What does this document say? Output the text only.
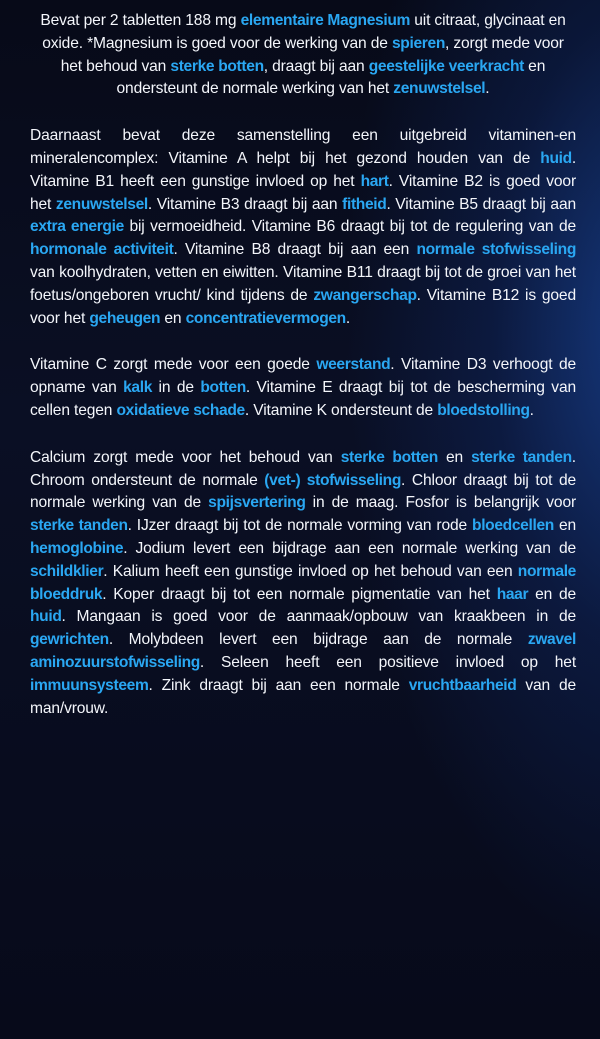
Bevat per 2 tabletten 188 mg elementaire Magnesium uit citraat, glycinaat en oxide. *Magnesium is goed voor de werking van de spieren, zorgt mede voor het behoud van sterke botten, draagt bij aan geestelijke veerkracht en ondersteunt de normale werking van het zenuwstelsel.

Daarnaast bevat deze samenstelling een uitgebreid vitaminen-en mineralencomplex: Vitamine A helpt bij het gezond houden van de huid. Vitamine B1 heeft een gunstige invloed op het hart. Vitamine B2 is goed voor het zenuwstelsel. Vitamine B3 draagt bij aan fitheid. Vitamine B5 draagt bij aan extra energie bij vermoeidheid. Vitamine B6 draagt bij tot de regulering van de hormonale activiteit. Vitamine B8 draagt bij aan een normale stofwisseling van koolhydraten, vetten en eiwitten. Vitamine B11 draagt bij tot de groei van het foetus/ongeboren vrucht/ kind tijdens de zwangerschap. Vitamine B12 is goed voor het geheugen en concentratievermogen.

Vitamine C zorgt mede voor een goede weerstand. Vitamine D3 verhoogt de opname van kalk in de botten. Vitamine E draagt bij tot de bescherming van cellen tegen oxidatieve schade. Vitamine K ondersteunt de bloedstolling.

Calcium zorgt mede voor het behoud van sterke botten en sterke tanden. Chroom ondersteunt de normale (vet-) stofwisseling. Chloor draagt bij tot de normale werking van de spijsvertering in de maag. Fosfor is belangrijk voor sterke tanden. IJzer draagt bij tot de normale vorming van rode bloedcellen en hemoglobine. Jodium levert een bijdrage aan een normale werking van de schildklier. Kalium heeft een gunstige invloed op het behoud van een normale bloeddruk. Koper draagt bij tot een normale pigmentatie van het haar en de huid. Mangaan is goed voor de aanmaak/opbouw van kraakbeen in de gewrichten. Molybdeen levert een bijdrage aan de normale zwavel aminozuurstofwisseling. Seleen heeft een positieve invloed op het immuunsysteem. Zink draagt bij aan een normale vruchtbaarheid van de man/vrouw.
